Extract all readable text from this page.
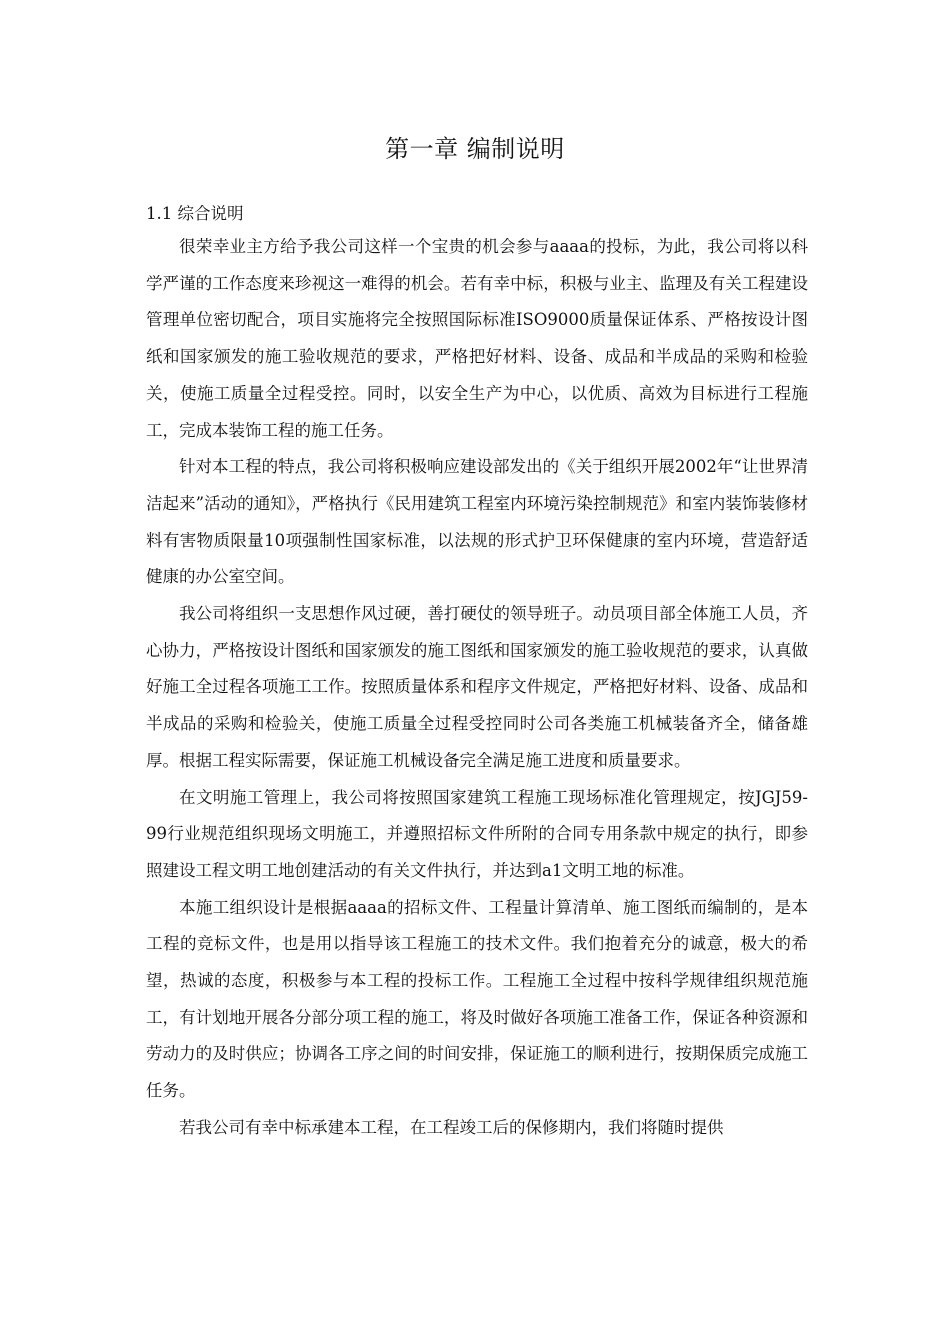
第一章 编制说明
1.1 综合说明

很荣幸业主方给予我公司这样一个宝贵的机会参与aaaa的投标，为此，我公司将以科学严谨的工作态度来珍视这一难得的机会。若有幸中标，积极与业主、监理及有关工程建设管理单位密切配合，项目实施将完全按照国际标准ISO9000质量保证体系、严格按设计图纸和国家颁发的施工验收规范的要求，严格把好材料、设备、成品和半成品的采购和检验关，使施工质量全过程受控。同时，以安全生产为中心，以优质、高效为目标进行工程施工，完成本装饰工程的施工任务。

针对本工程的特点，我公司将积极响应建设部发出的《关于组织开展2002年“让世界清洁起来”活动的通知》，严格执行《民用建筑工程室内环境污染控制规范》和室内装饰装修材料有害物质限量10项强制性国家标准，以法规的形式护卫环保健康的室内环境，营造舒适健康的办公室空间。

我公司将组织一支思想作风过硬，善打硬仗的领导班子。动员项目部全体施工人员，齐心协力，严格按设计图纸和国家颁发的施工图纸和国家颁发的施工验收规范的要求，认真做好施工全过程各项施工工作。按照质量体系和程序文件规定，严格把好材料、设备、成品和半成品的采购和检验关，使施工质量全过程受控同时公司各类施工机械装备齐全，储备雄厚。根据工程实际需要，保证施工机械设备完全满足施工进度和质量要求。

在文明施工管理上，我公司将按照国家建筑工程施工现场标准化管理规定，按JGJ59-99行业规范组织现场文明施工，并遵照招标文件所附的合同专用条款中规定的执行，即参照建设工程文明工地创建活动的有关文件执行，并达到a1文明工地的标准。

本施工组织设计是根据aaaa的招标文件、工程量计算清单、施工图纸而编制的，是本工程的竞标文件，也是用以指导该工程施工的技术文件。我们抱着充分的诚意，极大的希望，热诚的态度，积极参与本工程的投标工作。工程施工全过程中按科学规律组织规范施工，有计划地开展各分部分项工程的施工，将及时做好各项施工准备工作，保证各种资源和劳动力的及时供应；协调各工序之间的时间安排，保证施工的顺利进行，按期保质完成施工任务。

若我公司有幸中标承建本工程，在工程竣工后的保修期内，我们将随时提供
